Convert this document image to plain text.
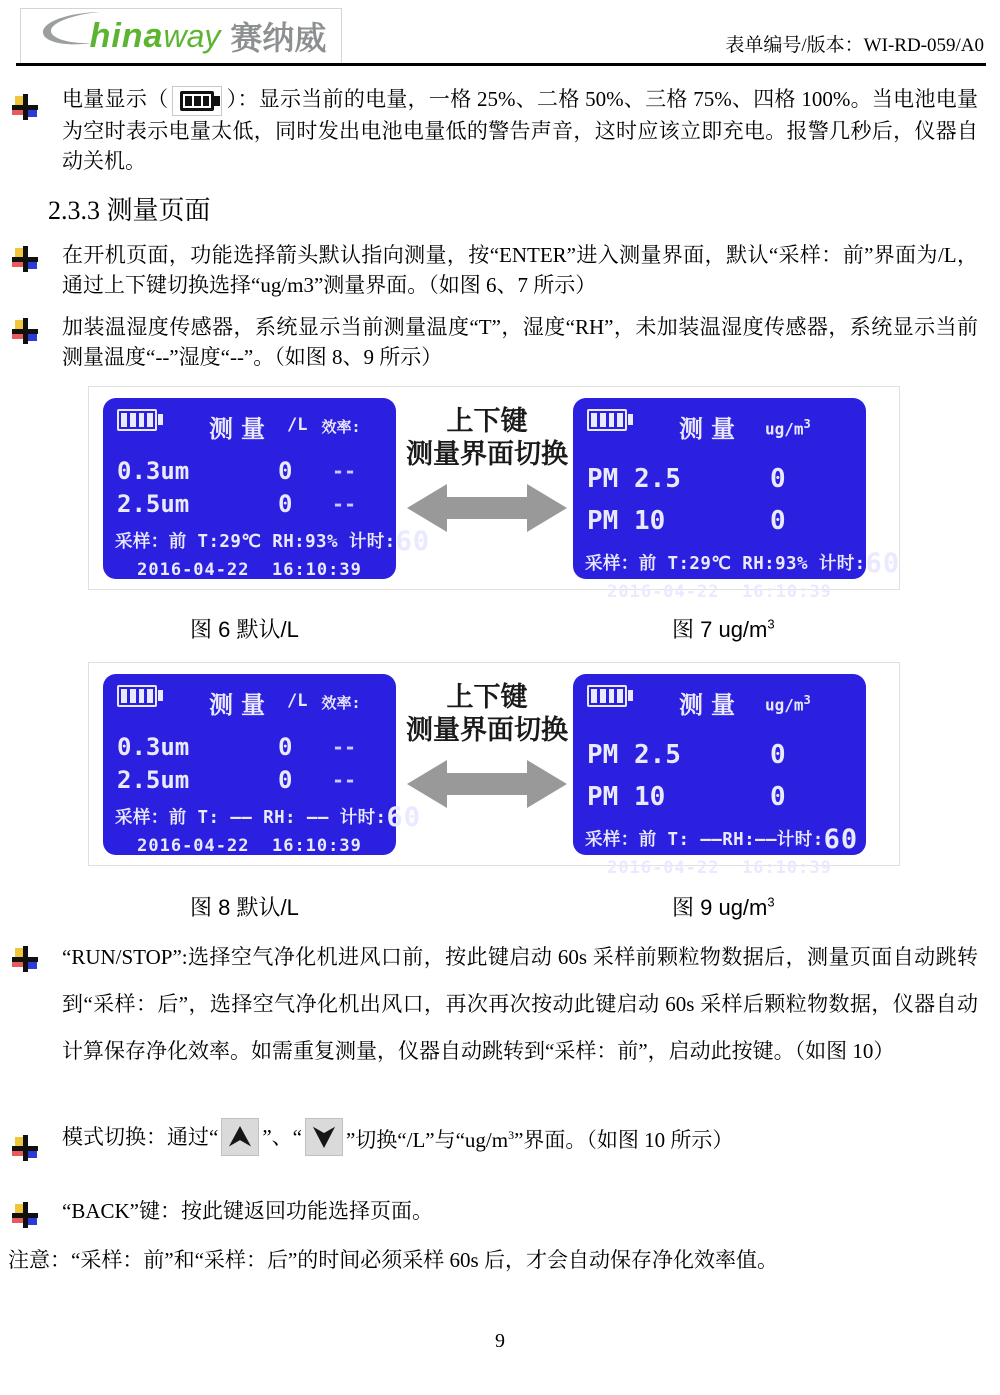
hinaway 赛纳威	表单编号/版本：WI-RD-059/A0
电量显示（	）：显示当前的电量，一格 25%、二格 50%、三格 75%、四格 100%。当电池电量为空时表示电量太低，同时发出电池电量低的警告声音，这时应该立即充电。报警几秒后，仪器自动关机。
2.3.3 测量页面
在开机页面，功能选择箭头默认指向测量，按“ENTER”进入测量界面，默认“采样：前”界面为/L，通过上下键切换选择“ug/m3”测量界面。（如图 6、7 所示）
加装温湿度传感器，系统显示当前测量温度“T”，湿度“RH”，未加装温湿度传感器，系统显示当前测量温度“--”湿度“--”。（如图 8、9 所示）
测量 /L 效率:
0.3um	0	--
2.5um	0	--
采样：前 T:29℃ RH:93% 计时:60
2016-04-22 16:10:39
上下键
测量界面切换
测量 $ug/m^3$
PM 2.5	0
PM 10	0
采样：前 T:29℃ RH:93% 计时:60
2016-04-22 16:10:39
图 6 默认/L	图 7 $ug/m^3$
测量 /L 效率:
0.3um	0	--
2.5um	0	--
采样：前 T: —— RH: —— 计时:60
2016-04-22 16:10:39
上下键
测量界面切换
测量 $ug/m^3$
PM 2.5	0
PM 10	0
采样：前 T: ——RH:——计时:60
2016-04-22 16:10:39
图 8 默认/L	图 9 $ug/m^3$
“RUN/STOP”:选择空气净化机进风口前，按此键启动 60s 采样前颗粒物数据后，测量页面自动跳转到“采样：后”，选择空气净化机出风口，再次再次按动此键启动 60s 采样后颗粒物数据，仪器自动计算保存净化效率。如需重复测量，仪器自动跳转到“采样：前”，启动此按键。（如图 10）
模式切换：通过“ ”、“ ”切换“/L”与“$ug/m^3$”界面。（如图 10 所示）
“BACK”键：按此键返回功能选择页面。
注意：“采样：前”和“采样：后”的时间必须采样 60s 后，才会自动保存净化效率值。
9
